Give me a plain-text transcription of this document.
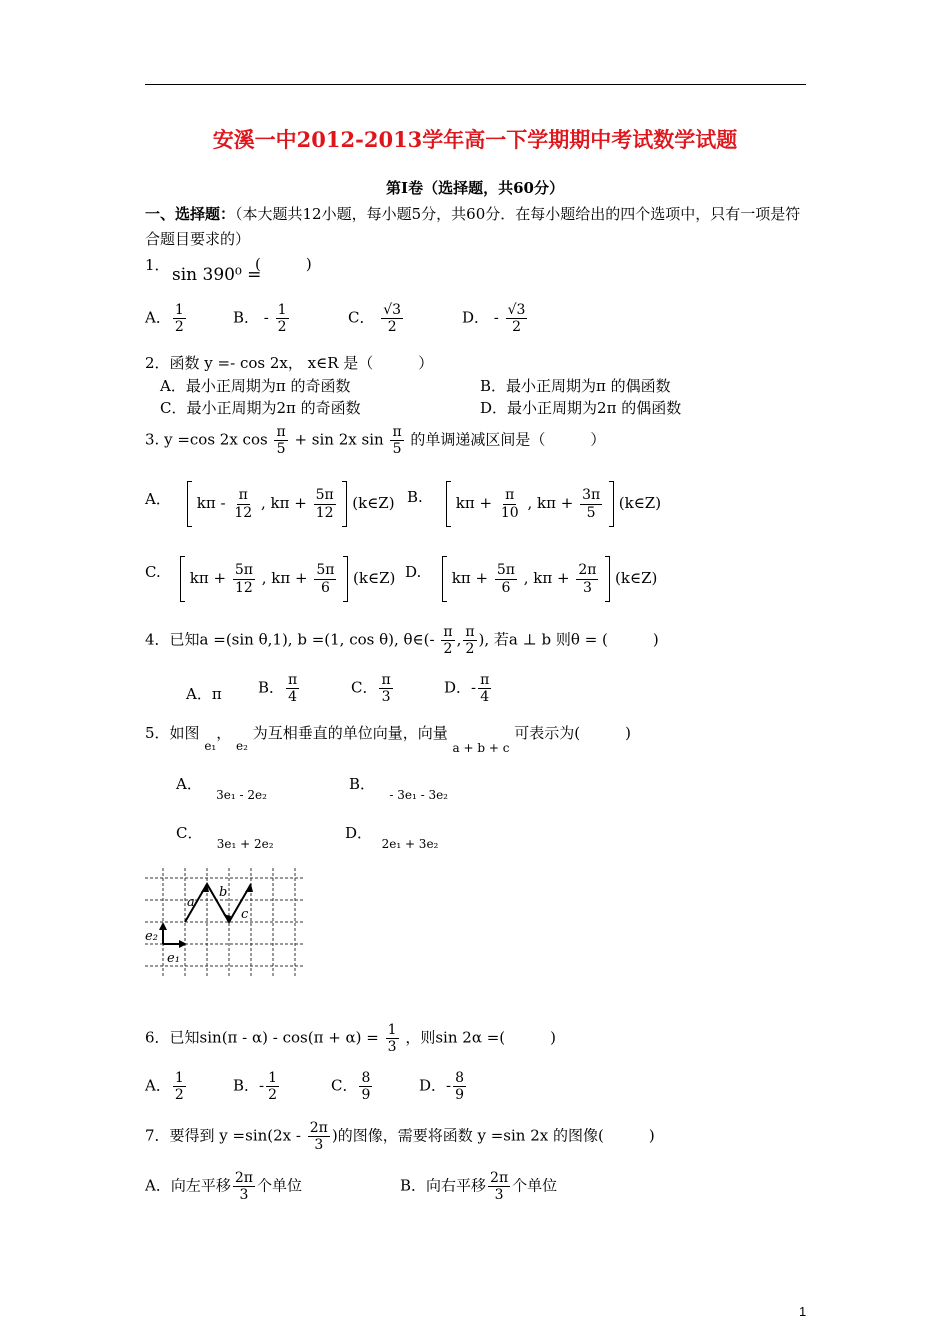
安溪一中2012-2013学年高一下学期期中考试数学试题
第Ⅰ卷（选择题，共60分）
一、选择题：（本大题共12小题，每小题5分，共60分．在每小题给出的四个选项中，只有一项是符合题目要求的）
1． sin 390⁰ =
(　　　)
A． $\frac{1}{2}$	B． - $\frac{1}{2}$	C． $\frac{√3}{2}$	D． - $\frac{√3}{2}$
2．函数 y =- cos 2x， x∈R 是（　　　）
A．最小正周期为π 的奇函数	B．最小正周期为π 的偶函数
C．最小正周期为2π 的奇函数	D．最小正周期为2π 的偶函数
3. y =cos 2x $\cos \frac{\pi}{5} + \sin 2x$ $\sin \frac{\pi}{5}$ 的单调递减区间是（　　　）
A．	kπ - $\frac{\pi}{12}$ , $k\pi + \frac{5\pi}{12}$ (k∈Z) B.	$k\pi + \frac{\pi}{10}$ , $k\pi + \frac{3\pi}{5}$ (k∈Z)
C.	$k\pi + \frac{5\pi}{12}$ , $k\pi + \frac{5\pi}{6}$ (k∈Z) D.	$k\pi + \frac{5\pi}{6}$ , $k\pi + \frac{2\pi}{3}$ (k∈Z)
4．已知a =(sin θ,1), b =(1, cos θ), θ∈(- $\frac{\pi}{2}$ , $\frac{\pi}{2}$ ), 若a ⊥ b 则θ = (　　　)
A．π B． $\frac{\pi}{4}$	C． $\frac{\pi}{3}$	D．- $\frac{\pi}{4}$
5．如图 $_{e_1}$， $_{e_2}$ 为互相垂直的单位向量，向量 $_{a + b + c}$ 可表示为(　　　)
A．   $_{3e_1 - 2e_2}$
B．   $_{- 3e_1 - 3e_2}$
C．   $_{3e_1 + 2e_2}$
D．  $_{2e_1 + 3e_2}$
a
b
c
e₂
e₁
6．已知$\sin(\pi - \alpha) - \cos(\pi + \alpha) = \frac{1}{3}$ ，则sin 2α =(　　　)
A． $\frac{1}{2}$	B．- $\frac{1}{2}$	C． $\frac{8}{9}$	D．- $\frac{8}{9}$
7．要得到 $y =\sin(2x - \frac{2\pi}{3}$ )的图像，需要将函数 y =sin 2x 的图像(　　　)
A．向左平移 $\frac{2\pi}{3}$ 个单位	B．向右平移 $\frac{2\pi}{3}$ 个单位
1
